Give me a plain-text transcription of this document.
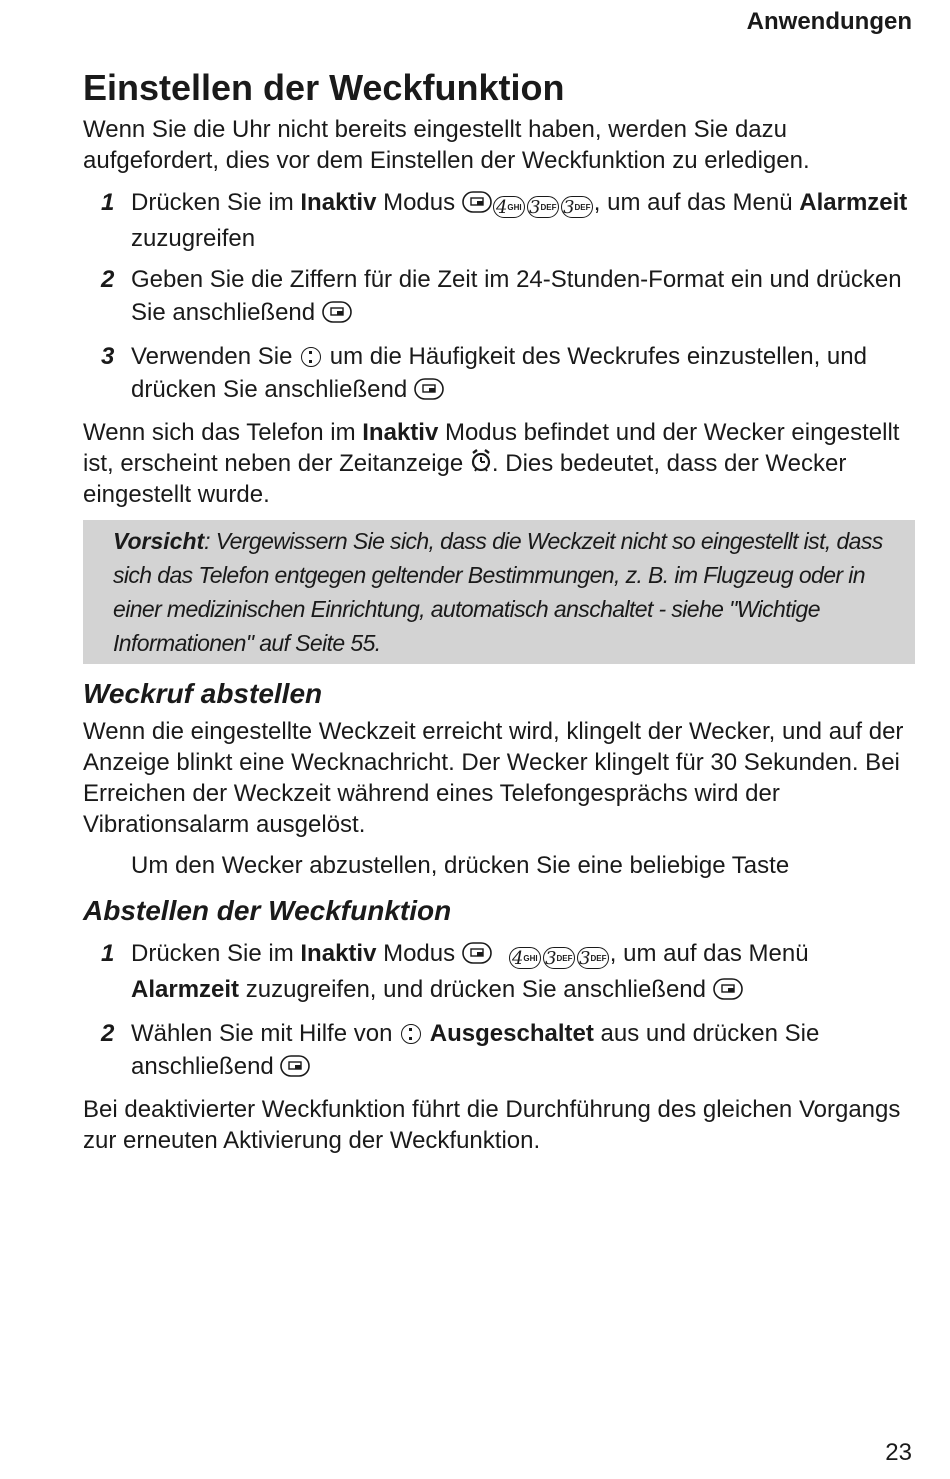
Anwendungen
Einstellen der Weckfunktion

Wenn Sie die Uhr nicht bereits eingestellt haben, werden Sie dazu aufgefordert, dies vor dem Einstellen der Weckfunktion zu erledigen.

1 Drücken Sie im Inaktiv Modus 4GHI 3DEF 3DEF , um auf das Menü Alarmzeit zuzugreifen
2 Geben Sie die Ziffern für die Zeit im 24-Stunden-Format ein und drücken Sie anschließend
3 Verwenden Sie  um die Häufigkeit des Weckrufes einzustellen, und drücken Sie anschließend

Wenn sich das Telefon im Inaktiv Modus befindet und der Wecker eingestellt ist, erscheint neben der Zeitanzeige . Dies bedeutet, dass der Wecker eingestellt wurde.

Vorsicht: Vergewissern Sie sich, dass die Weckzeit nicht so eingestellt ist, dass sich das Telefon entgegen geltender Bestimmungen, z. B. im Flugzeug oder in einer medizinischen Einrichtung, automatisch anschaltet - siehe "Wichtige Informationen" auf Seite 55.
Weckruf abstellen

Wenn die eingestellte Weckzeit erreicht wird, klingelt der Wecker, und auf der Anzeige blinkt eine Wecknachricht. Der Wecker klingelt für 30 Sekunden. Bei Erreichen der Weckzeit während eines Telefongesprächs wird der Vibrationsalarm ausgelöst.

Um den Wecker abzustellen, drücken Sie eine beliebige Taste

Abstellen der Weckfunktion
1 Drücken Sie im Inaktiv Modus	4GHI 3DEF 3DEF , um auf das Menü Alarmzeit zuzugreifen, und drücken Sie anschließend
2 Wählen Sie mit Hilfe von Ausgeschaltet aus und drücken Sie anschließend

Bei deaktivierter Weckfunktion führt die Durchführung des gleichen Vorgangs zur erneuten Aktivierung der Weckfunktion.

23
